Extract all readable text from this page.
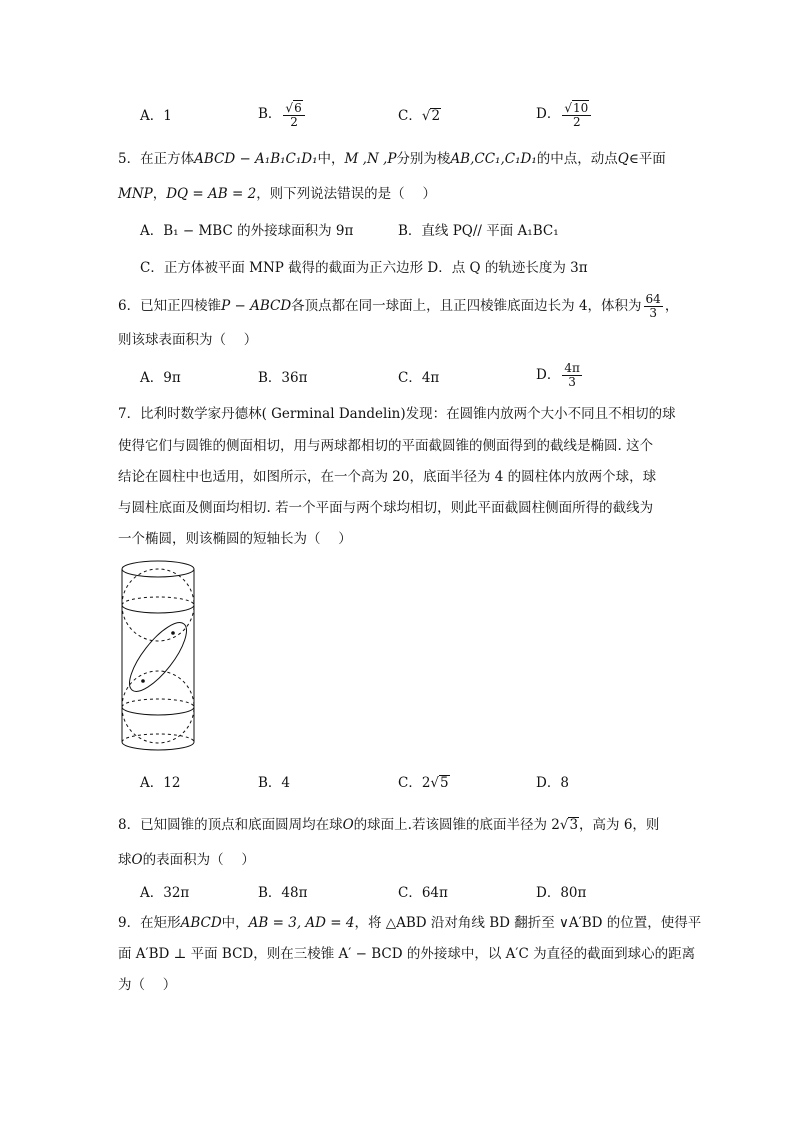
A．1	B． $\frac{√6}{2}$	C．√2	D． $\frac{√10}{2}$
5．在正方体ABCD − A₁B₁C₁D₁中，M ,N ,P分别为棱AB,CC₁,C₁D₁的中点，动点Q∈平面
MNP，DQ = AB = 2，则下列说法错误的是（　 ）
A．B₁ − MBC 的外接球面积为 9π	B．直线 PQ// 平面 A₁BC₁
C．正方体被平面 MNP 截得的截面为正六边形 D．点 Q 的轨迹长度为 3π
6．已知正四棱锥P − ABCD各顶点都在同一球面上，且正四棱锥底面边长为 4，体积为 $\frac{64}{3}$ ，
则该球表面积为（　 ）
A．9π	B．36π	C．4π	D． $\frac{4\pi}{3}$
7．比利时数学家丹德林( Germinal Dandelin)发现：在圆锥内放两个大小不同且不相切的球
使得它们与圆锥的侧面相切，用与两球都相切的平面截圆锥的侧面得到的截线是椭圆. 这个
结论在圆柱中也适用，如图所示，在一个高为 20，底面半径为 4 的圆柱体内放两个球，球
与圆柱底面及侧面均相切. 若一个平面与两个球均相切，则此平面截圆柱侧面所得的截线为
一个椭圆，则该椭圆的短轴长为（　 ）
A．12	B．4	C．2√5	D．8
8．已知圆锥的顶点和底面圆周均在球O的球面上.若该圆锥的底面半径为 2√3，高为 6，则
球O的表面积为（　 ）
A．32π	B．48π	C．64π	D．80π
9．在矩形ABCD中，AB = 3, AD = 4，将 △ABD 沿对角线 BD 翻折至 ∨A′BD 的位置，使得平
面 A′BD ⊥ 平面 BCD，则在三棱锥 A′ − BCD 的外接球中，以 A′C 为直径的截面到球心的距离
为（　 ）
